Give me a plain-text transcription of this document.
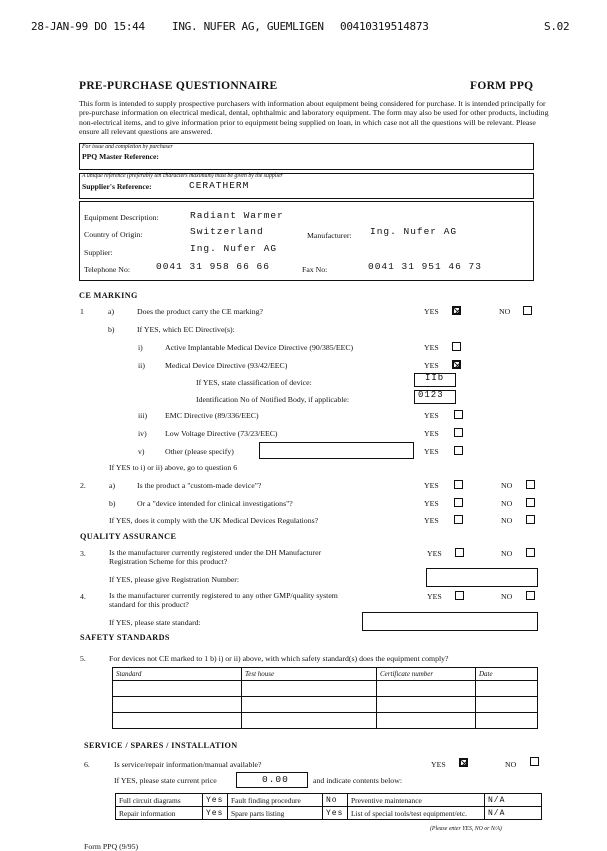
28-JAN-99 DO 15:44 ING. NUFER AG, GUEMLIGEN 00410319514873	S.02
PRE-PURCHASE QUESTIONNAIRE	FORM PPQ
This form is intended to supply prospective purchasers with information about equipment being considered for purchase. It is intended principally for pre-purchase information on electrical medical, dental, ophthalmic and laboratory equipment. The form may also be used for other products, including non-electrical items, and to give information prior to equipment being supplied on loan, in which case not all the questions will be relevant. Please ensure all relevant questions are answered.
For issue and completion by purchaser
PPQ Master Reference:
A unique reference (preferably ten characters maximum) must be given by the supplier
Supplier's Reference:	CERATHERM
Equipment Description:	Radiant Warmer
Country of Origin:	Switzerland	Manufacturer: Ing. Nufer AG
Supplier:	Ing. Nufer AG
Telephone No:	0041 31 958 66 66	Fax No:	0041 31 951 46 73
CE MARKING
1	a)	Does the product carry the CE marking?	YES	NO
b)	If YES, which EC Directive(s):
i)	Active Implantable Medical Device Directive (90/385/EEC)	YES
ii)	Medical Device Directive (93/42/EEC)	YES
If YES, state classification of device:	IIb
Identification No of Notified Body, if applicable:	0123
iii) EMC Directive (89/336/EEC)	YES
iv) Low Voltage Directive (73/23/EEC)	YES
v)	Other (please specify)	YES
If YES to i) or ii) above, go to question 6
2.	a)	Is the product a "custom-made device"?	YES	NO
b)	Or a "device intended for clinical investigations"?	YES	NO
If YES, does it comply with the UK Medical Devices Regulations?	YES	NO
QUALITY ASSURANCE
3.	Is the manufacturer currently registered under the DH Manufacturer Registration Scheme for this product?
YES	NO
If YES, please give Registration Number:
4.	Is the manufacturer currently registered to any other GMP/quality system standard for this product?
YES	NO
If YES, please state standard:
SAFETY STANDARDS
5.	For devices not CE marked to 1 b) i) or ii) above, with which safety standard(s) does the equipment comply?
Standard	Test house	Certificate number	Date

SERVICE / SPARES / INSTALLATION
6.	Is service/repair information/manual available?	YES	NO
If YES, please state current price	0.00	and indicate contents below:
Full circuit diagrams	Yes	Fault finding procedure	No	Preventive maintenance	N/A
Repair information	Yes	Spare parts listing	Yes	List of special tools/test equipment/etc.	N/A
(Please enter YES, NO or N/A)
Form PPQ (9/95)
